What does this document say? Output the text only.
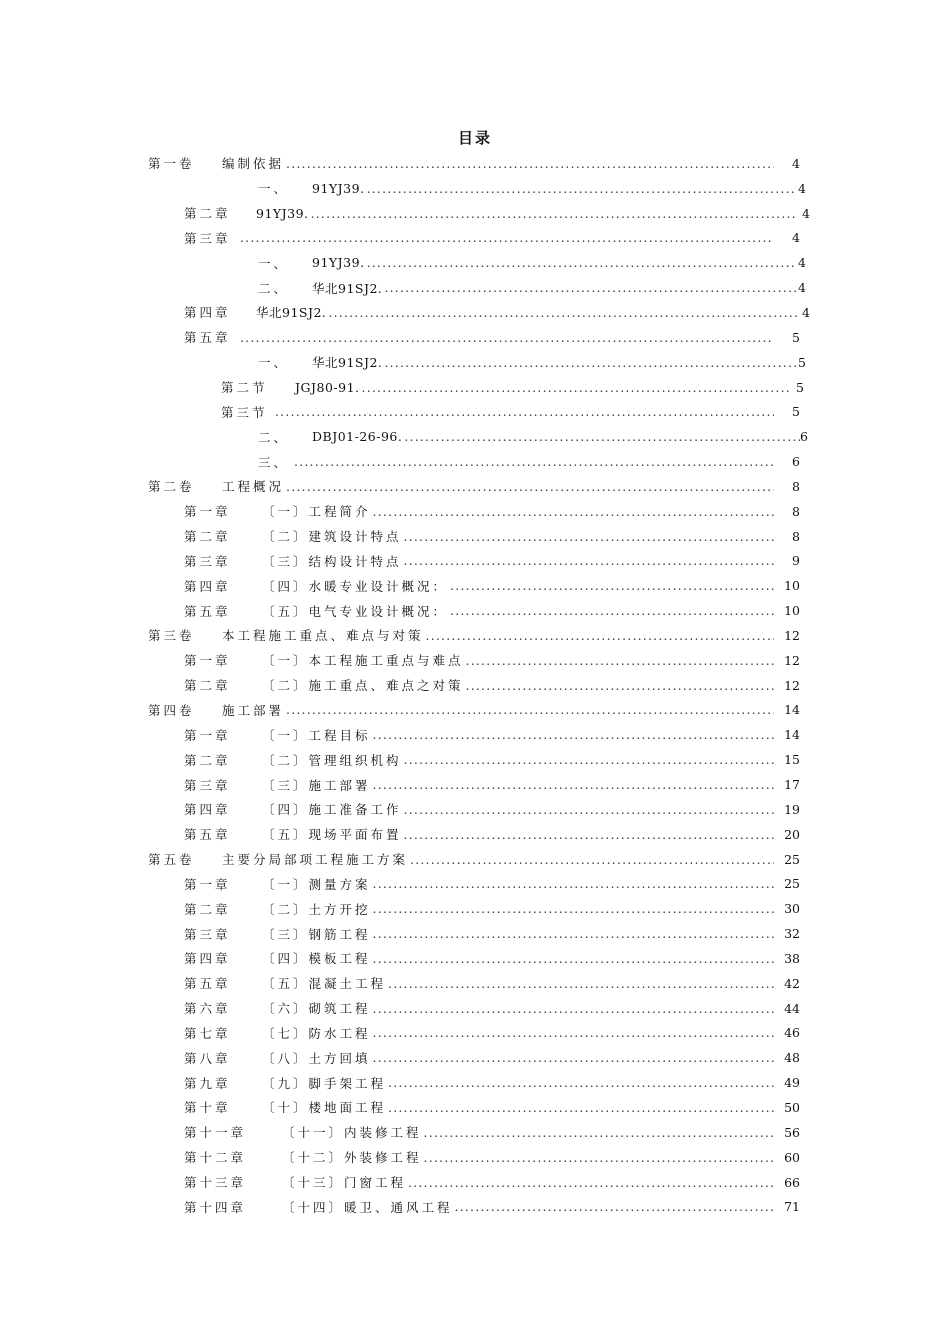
目录
第一卷	编制依据 .....	4
一、	91YJ39. .....	4
第二章	91YJ39. .....	4
第三章 .....	4
一、	91YJ39. .....	4
二、	华北91SJ2. .....	4
第四章	华北91SJ2. .....	4
第五章 .....	5
一、	华北91SJ2. .....	5
第二节	JGJ80-91. .....	5
第三节 .....	5
二、	DBJ01-26-96. .....	6
三、 .....	6
第二卷	工程概况 .....	8
第一章	〔一〕工程简介 .....	8
第二章	〔二〕建筑设计特点 .....	8
第三章	〔三〕结构设计特点 .....	9
第四章	〔四〕水暖专业设计概况： .....	10
第五章	〔五〕电气专业设计概况： .....	10
第三卷	本工程施工重点、难点与对策 .....	12
第一章	〔一〕本工程施工重点与难点 .....	12
第二章	〔二〕施工重点、难点之对策 .....	12
第四卷	施工部署 .....	14
第一章	〔一〕工程目标 .....	14
第二章	〔二〕管理组织机构 .....	15
第三章	〔三〕施工部署 .....	17
第四章	〔四〕施工准备工作 .....	19
第五章	〔五〕现场平面布置 .....	20
第五卷	主要分局部项工程施工方案 .....	25
第一章	〔一〕测量方案 .....	25
第二章	〔二〕土方开挖 .....	30
第三章	〔三〕钢筋工程 .....	32
第四章	〔四〕模板工程 .....	38
第五章	〔五〕混凝土工程 .....	42
第六章	〔六〕砌筑工程 .....	44
第七章	〔七〕防水工程 .....	46
第八章	〔八〕土方回填 .....	48
第九章	〔九〕脚手架工程 .....	49
第十章	〔十〕楼地面工程 .....	50
第十一章	〔十一〕内装修工程 .....	56
第十二章	〔十二〕外装修工程 .....	60
第十三章	〔十三〕门窗工程 .....	66
第十四章	〔十四〕暖卫、通风工程 .....	71
